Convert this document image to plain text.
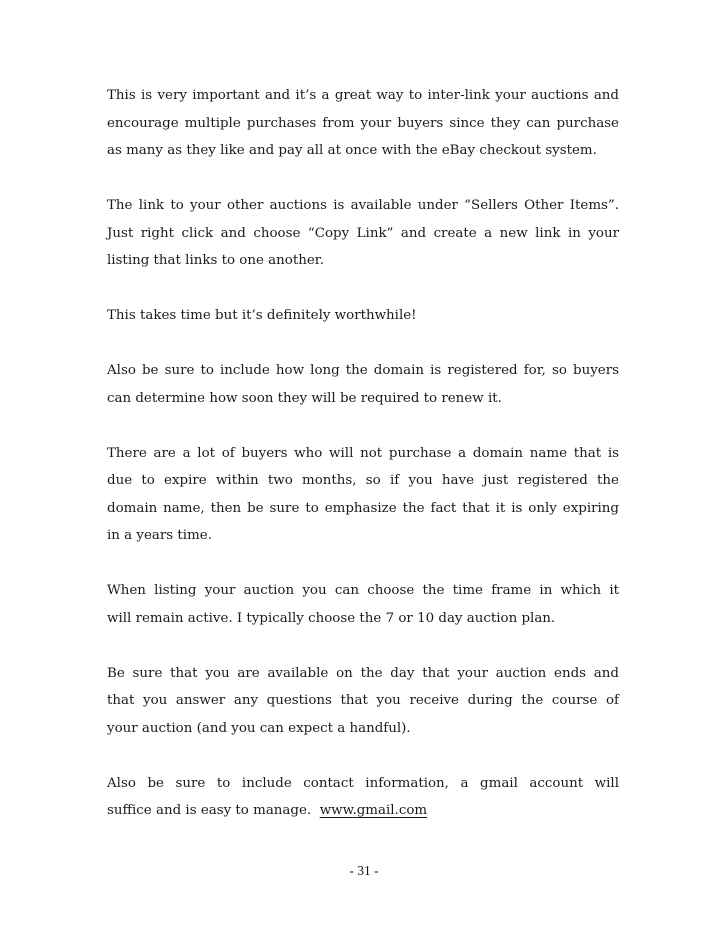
This is very important and it’s a great way to inter-link your auctions and
encourage multiple purchases from your buyers since they can purchase
as many as they like and pay all at once with the eBay checkout system.

The link to your other auctions is available under “Sellers Other Items”.
Just right click and choose “Copy Link” and create a new link in your
listing that links to one another.

This takes time but it’s definitely worthwhile!

Also be sure to include how long the domain is registered for, so buyers
can determine how soon they will be required to renew it.

There are a lot of buyers who will not purchase a domain name that is
due to expire within two months, so if you have just registered the
domain name, then be sure to emphasize the fact that it is only expiring
in a years time.

When listing your auction you can choose the time frame in which it
will remain active. I typically choose the 7 or 10 day auction plan.

Be sure that you are available on the day that your auction ends and
that you answer any questions that you receive during the course of
your auction (and you can expect a handful).

Also be sure to include contact information, a gmail account will
suffice and is easy to manage. www.gmail.com

- 31 -
